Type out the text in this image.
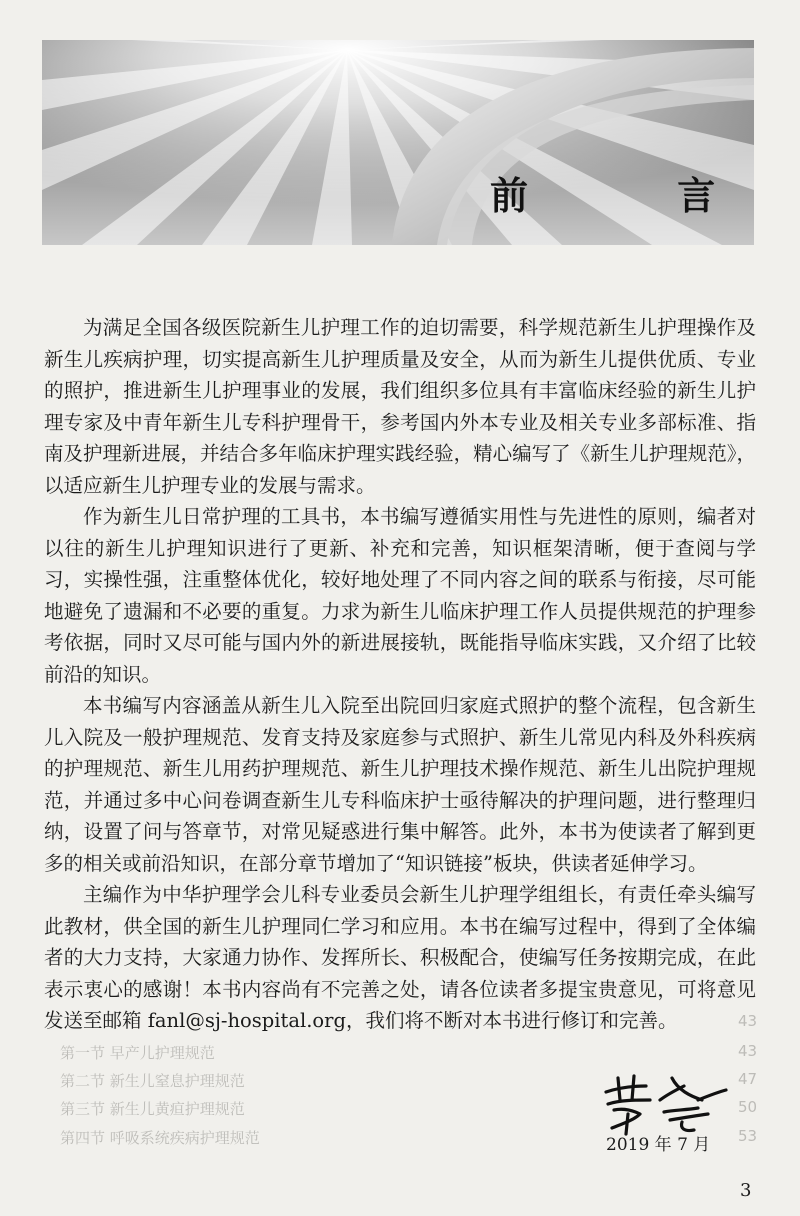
前 言
第一节 早产儿护理规范
第二节 新生儿窒息护理规范
第三节 新生儿黄疸护理规范
第四节 呼吸系统疾病护理规范
43
43
47
50
53

为满足全国各级医院新生儿护理工作的迫切需要，科学规范新生儿护理操作及新生儿疾病护理，切实提高新生儿护理质量及安全，从而为新生儿提供优质、专业的照护，推进新生儿护理事业的发展，我们组织多位具有丰富临床经验的新生儿护理专家及中青年新生儿专科护理骨干，参考国内外本专业及相关专业多部标准、指南及护理新进展，并结合多年临床护理实践经验，精心编写了《新生儿护理规范》，以适应新生儿护理专业的发展与需求。

作为新生儿日常护理的工具书，本书编写遵循实用性与先进性的原则，编者对以往的新生儿护理知识进行了更新、补充和完善，知识框架清晰，便于查阅与学习，实操性强，注重整体优化，较好地处理了不同内容之间的联系与衔接，尽可能地避免了遗漏和不必要的重复。力求为新生儿临床护理工作人员提供规范的护理参考依据，同时又尽可能与国内外的新进展接轨，既能指导临床实践，又介绍了比较前沿的知识。

本书编写内容涵盖从新生儿入院至出院回归家庭式照护的整个流程，包含新生儿入院及一般护理规范、发育支持及家庭参与式照护、新生儿常见内科及外科疾病的护理规范、新生儿用药护理规范、新生儿护理技术操作规范、新生儿出院护理规范，并通过多中心问卷调查新生儿专科临床护士亟待解决的护理问题，进行整理归纳，设置了问与答章节，对常见疑惑进行集中解答。此外，本书为使读者了解到更多的相关或前沿知识，在部分章节增加了“知识链接”板块，供读者延伸学习。

主编作为中华护理学会儿科专业委员会新生儿护理学组组长，有责任牵头编写此教材，供全国的新生儿护理同仁学习和应用。本书在编写过程中，得到了全体编者的大力支持，大家通力协作、发挥所长、积极配合，使编写任务按期完成，在此表示衷心的感谢！本书内容尚有不完善之处，请各位读者多提宝贵意见，可将意见发送至邮箱 fanl@sj-hospital.org，我们将不断对本书进行修订和完善。

2019 年 7 月
3
